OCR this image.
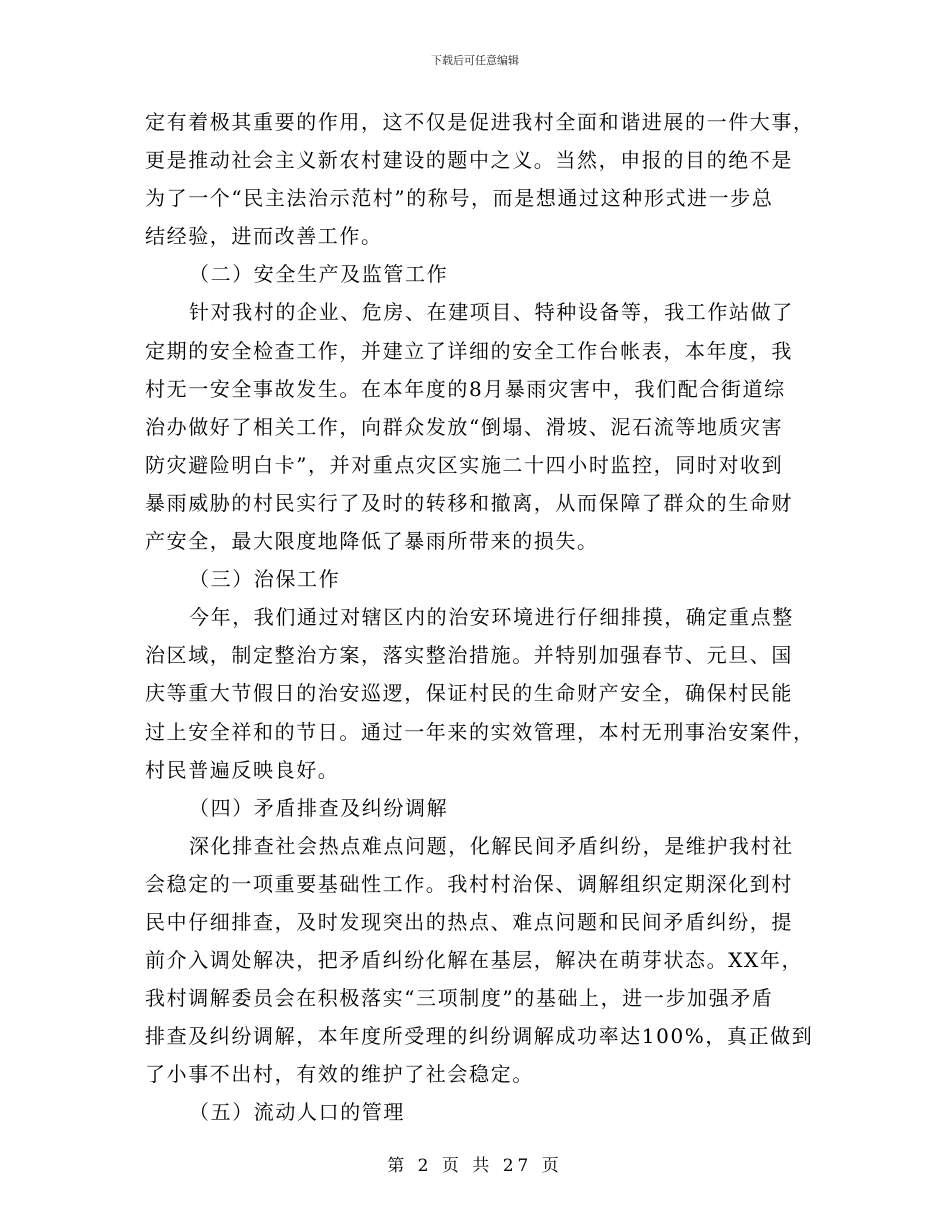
下载后可任意编辑
定有着极其重要的作用，这不仅是促进我村全面和谐进展的一件大事，
更是推动社会主义新农村建设的题中之义。当然，申报的目的绝不是
为了一个“民主法治示范村”的称号，而是想通过这种形式进一步总
结经验，进而改善工作。
（二）安全生产及监管工作
针对我村的企业、危房、在建项目、特种设备等，我工作站做了
定期的安全检查工作，并建立了详细的安全工作台帐表，本年度，我
村无一安全事故发生。在本年度的8月暴雨灾害中，我们配合街道综
治办做好了相关工作，向群众发放“倒塌、滑坡、泥石流等地质灾害
防灾避险明白卡”，并对重点灾区实施二十四小时监控，同时对收到
暴雨威胁的村民实行了及时的转移和撤离，从而保障了群众的生命财
产安全，最大限度地降低了暴雨所带来的损失。
（三）治保工作
今年，我们通过对辖区内的治安环境进行仔细排摸，确定重点整
治区域，制定整治方案，落实整治措施。并特别加强春节、元旦、国
庆等重大节假日的治安巡逻，保证村民的生命财产安全，确保村民能
过上安全祥和的节日。通过一年来的实效管理，本村无刑事治安案件，
村民普遍反映良好。
（四）矛盾排查及纠纷调解
深化排查社会热点难点问题，化解民间矛盾纠纷，是维护我村社
会稳定的一项重要基础性工作。我村村治保、调解组织定期深化到村
民中仔细排查，及时发现突出的热点、难点问题和民间矛盾纠纷，提
前介入调处解决，把矛盾纠纷化解在基层，解决在萌芽状态。XX年，
我村调解委员会在积极落实“三项制度”的基础上，进一步加强矛盾
排查及纠纷调解，本年度所受理的纠纷调解成功率达100%，真正做到
了小事不出村，有效的维护了社会稳定。
（五）流动人口的管理
第 2 页 共 27 页
